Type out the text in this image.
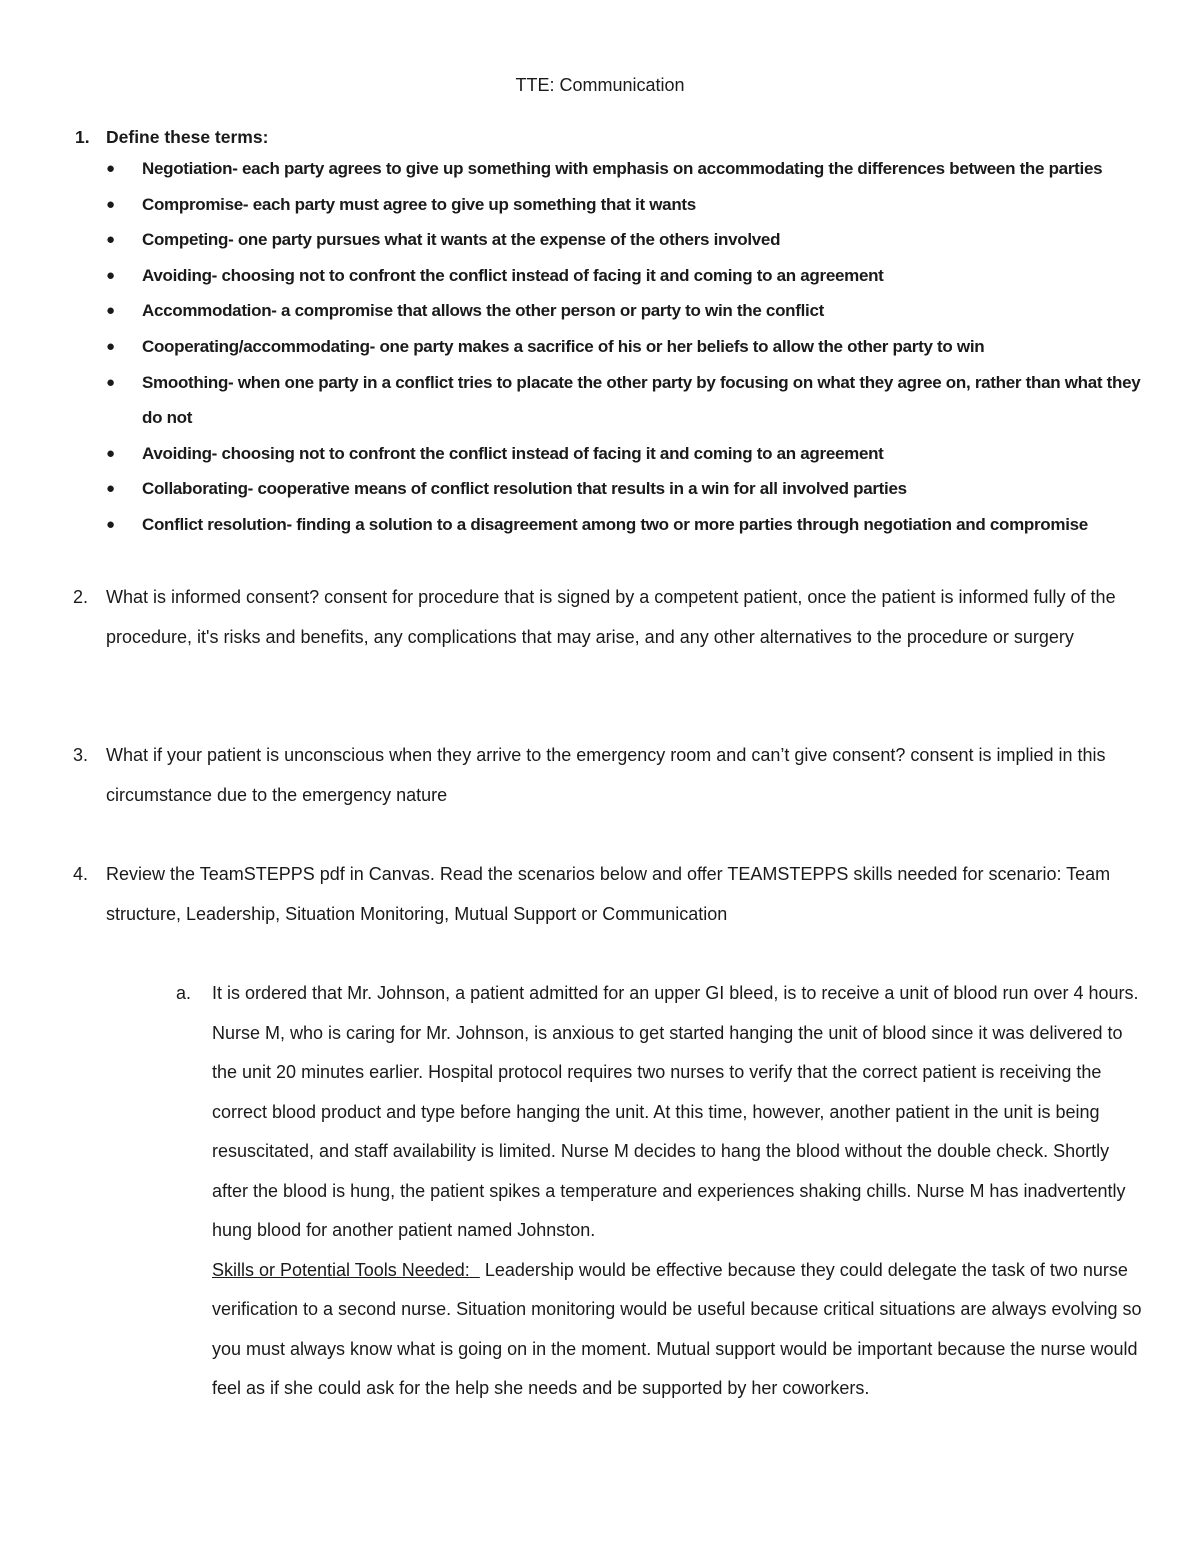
TTE: Communication
1. Define these terms:
● Negotiation- each party agrees to give up something with emphasis on accommodating the differences between the parties
● Compromise- each party must agree to give up something that it wants
● Competing- one party pursues what it wants at the expense of the others involved
● Avoiding- choosing not to confront the conflict instead of facing it and coming to an agreement
● Accommodation- a compromise that allows the other person or party to win the conflict
● Cooperating/accommodating- one party makes a sacrifice of his or her beliefs to allow the other party to win
● Smoothing- when one party in a conflict tries to placate the other party by focusing on what they agree on, rather than what they do not
● Avoiding- choosing not to confront the conflict instead of facing it and coming to an agreement
● Collaborating- cooperative means of conflict resolution that results in a win for all involved parties
● Conflict resolution- finding a solution to a disagreement among two or more parties through negotiation and compromise
2. What is informed consent? consent for procedure that is signed by a competent patient, once the patient is informed fully of the procedure, it's risks and benefits, any complications that may arise, and any other alternatives to the procedure or surgery
3. What if your patient is unconscious when they arrive to the emergency room and can’t give consent? consent is implied in this circumstance due to the emergency nature
4. Review the TeamSTEPPS pdf in Canvas. Read the scenarios below and offer TEAMSTEPPS skills needed for scenario: Team structure, Leadership, Situation Monitoring, Mutual Support or Communication
a. It is ordered that Mr. Johnson, a patient admitted for an upper GI bleed, is to receive a unit of blood run over 4 hours. Nurse M, who is caring for Mr. Johnson, is anxious to get started hanging the unit of blood since it was delivered to the unit 20 minutes earlier. Hospital protocol requires two nurses to verify that the correct patient is receiving the correct blood product and type before hanging the unit. At this time, however, another patient in the unit is being resuscitated, and staff availability is limited. Nurse M decides to hang the blood without the double check. Shortly after the blood is hung, the patient spikes a temperature and experiences shaking chills. Nurse M has inadvertently hung blood for another patient named Johnston.
Skills or Potential Tools Needed: Leadership would be effective because they could delegate the task of two nurse verification to a second nurse. Situation monitoring would be useful because critical situations are always evolving so you must always know what is going on in the moment. Mutual support would be important because the nurse would feel as if she could ask for the help she needs and be supported by her coworkers.
